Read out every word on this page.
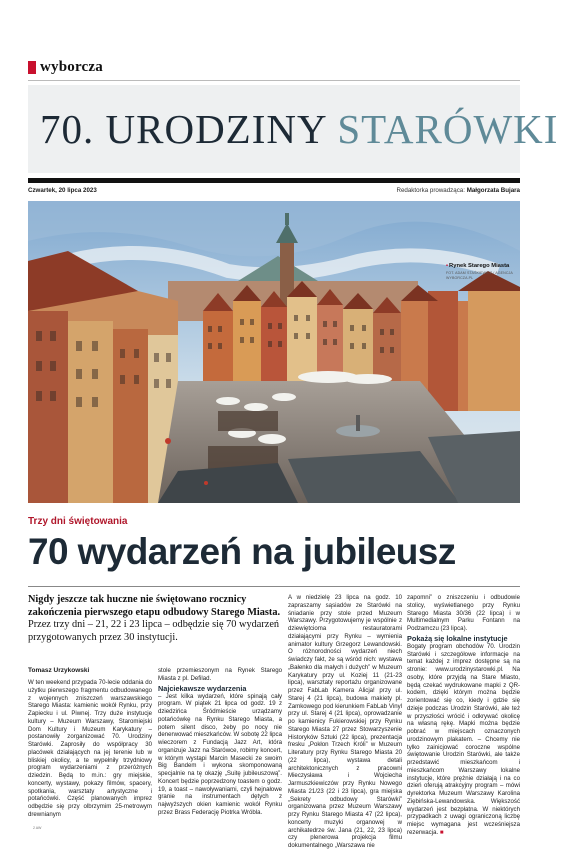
wyborcza
70. URODZINY STARÓWKI
Czwartek, 20 lipca 2023	Redaktorka prowadząca: Małgorzata Bujara
•Rynek Starego Miasta
FOT. ADAM STAŚKIEWICZ / AGENCJA WYBORCZA.PL
Trzy dni świętowania
70 wydarzeń na jubileusz
Nigdy jeszcze tak huczne nie świętowano rocznicy zakończenia pierwszego etapu odbudowy Starego Miasta. Przez trzy dni – 21, 22 i 23 lipca – odbędzie się 70 wydarzeń przygotowanych przez 30 instytucji.
Tomasz Urzykowski

W ten weekend przypada 70-lecie oddania do użytku pierwszego fragmentu odbudowanego z wojennych zniszczeń warszawskiego Starego Miasta: kamienic wokół Rynku, przy Zapiecku i ul. Piwnej. Trzy duże instytucje kultury – Muzeum Warszawy, Staromiejski Dom Kultury i Muzeum Karykatury – postanowiły zorganizować 70. Urodziny Starówki. Zaprosiły do współpracy 30 placówek działających na jej terenie lub w bliskiej okolicy, a te wypełniły trzydniowy program wydarzeniami z przeróżnych dziedzin. Będą to m.in.: gry miejskie, koncerty, wystawy, pokazy filmów, spacery, spotkania, warsztaty artystyczne i potańcówki. Część planowanych imprez odbędzie się przy olbrzymim 25-metrowym drewnianym

stole przemieszonym na Rynek Starego Miasta z pl. Defilad.

Najciekawsze wydarzenia

– Jest kilka wydarzeń, które spinają cały program. W piątek 21 lipca od godz. 19 z dziedzińca Śródmieście urządzamy potańcówkę na Rynku Starego Miasta, a potem silent disco, żeby po nocy nie denerwować mieszkańców. W sobotę 22 lipca wieczorem z Fundacją Jazz Art, która organizuje Jazz na Starówce, robimy koncert, w którym wystąpi Marcin Masecki ze swoim Big Bandem i wykona skomponowaną specjalnie na tę okazję „Suitę jubileuszową”. Koncert będzie poprzedzony toastem o godz. 19, a toast – nawoływaniami, czyli hejnałowe granie na instrumentach dętych z najwyższych okien kamienic wokół Rynku przez Brass Federację Piotrka Wróbla.

A w niedzielę 23 lipca na godz. 10 zapraszamy sąsiadów ze Starówki na śniadanie przy stole przed Muzeum Warszawy. Przygotowujemy je wspólnie z dziewiętcioma restauratorami działającymi przy Rynku – wymienia animator kultury Grzegorz Lewandowski. O różnorodności wydarzeń niech świadczy fakt, że są wśród nich: wystawa „Bałenko dla małych i dużych” w Muzeum Karykatury przy ul. Koziej 11 (21-23 lipca), warsztaty reportażu organizowane przez FabLab Kamera Alicja! przy ul. Starej 4 (21 lipca), budowa makiety pl. Zamkowego pod kierunkiem FabLab Vinyl przy ul. Starej 4 (21 lipca), oprowadzanie po kamienicy Fukierowskiej przy Rynku Starego Miasta 27 przez Stowarzyszenie Historyków Sztuki (22 lipca), prezentacja fresku „Pokłon Trzech Króli” w Muzeum Literatury przy Rynku Starego Miasta 20 (22 lipca), wystawa detali architektonicznych z pracowni Mieczysława i Wojciecha Jarmuszkiewiczów przy Rynku Nowego Miasta 21/23 (22 i 23 lipca), gra miejska „Sekrety odbudowy Starówki” organizowana przez Muzeum Warszawy przy Rynku Starego Miasta 47 (22 lipca), koncerty muzyki organowej w archikatedrze św. Jana (21, 22, 23 lipca) czy plenerowa projekcja filmu dokumentalnego „Warszawa nie

zapomni” o zniszczeniu i odbudowie stolicy, wyświetlanego przy Rynku Starego Miasta 30/36 (22 lipca) i w Multimedialnym Parku Fontann na Podzamczu (23 lipca).

Pokażą się lokalne instytucje

Bogaty program obchodów 70. Urodzin Starówki i szczegółowe informacje na temat każdej z imprez dostępne są na stronie: www.urodzinystarowki.pl. Na osoby, które przyjdą na Stare Miasto, będą czekać wydrukowane mapki z QR-kodem, dzięki którym można będzie zorientować się co, kiedy i gdzie się dzieje podczas Urodzin Starówki, ale też w przyszłości wrócić i odkrywać okolicę na własną rękę. Mapki można będzie pobrać w miejscach oznaczonych urodzinowym plakatem. – Chcemy nie tylko zainicjować coroczne wspólne świętowanie Urodzin Starówki, ale także przedstawić mieszkańcom i mieszkańcom Warszawy lokalne instytucje, które prężnie działają i na co dzień oferują atrakcyjny program – mówi dyrektorka Muzeum Warszawy Karolina Ziębińska-Lewandowska. Większość wydarzeń jest bezpłatna. W niektórych przypadkach z uwagi ograniczoną liczbę miejsc wymagana jest wcześniejsza rezerwacja. ■

2 AW
